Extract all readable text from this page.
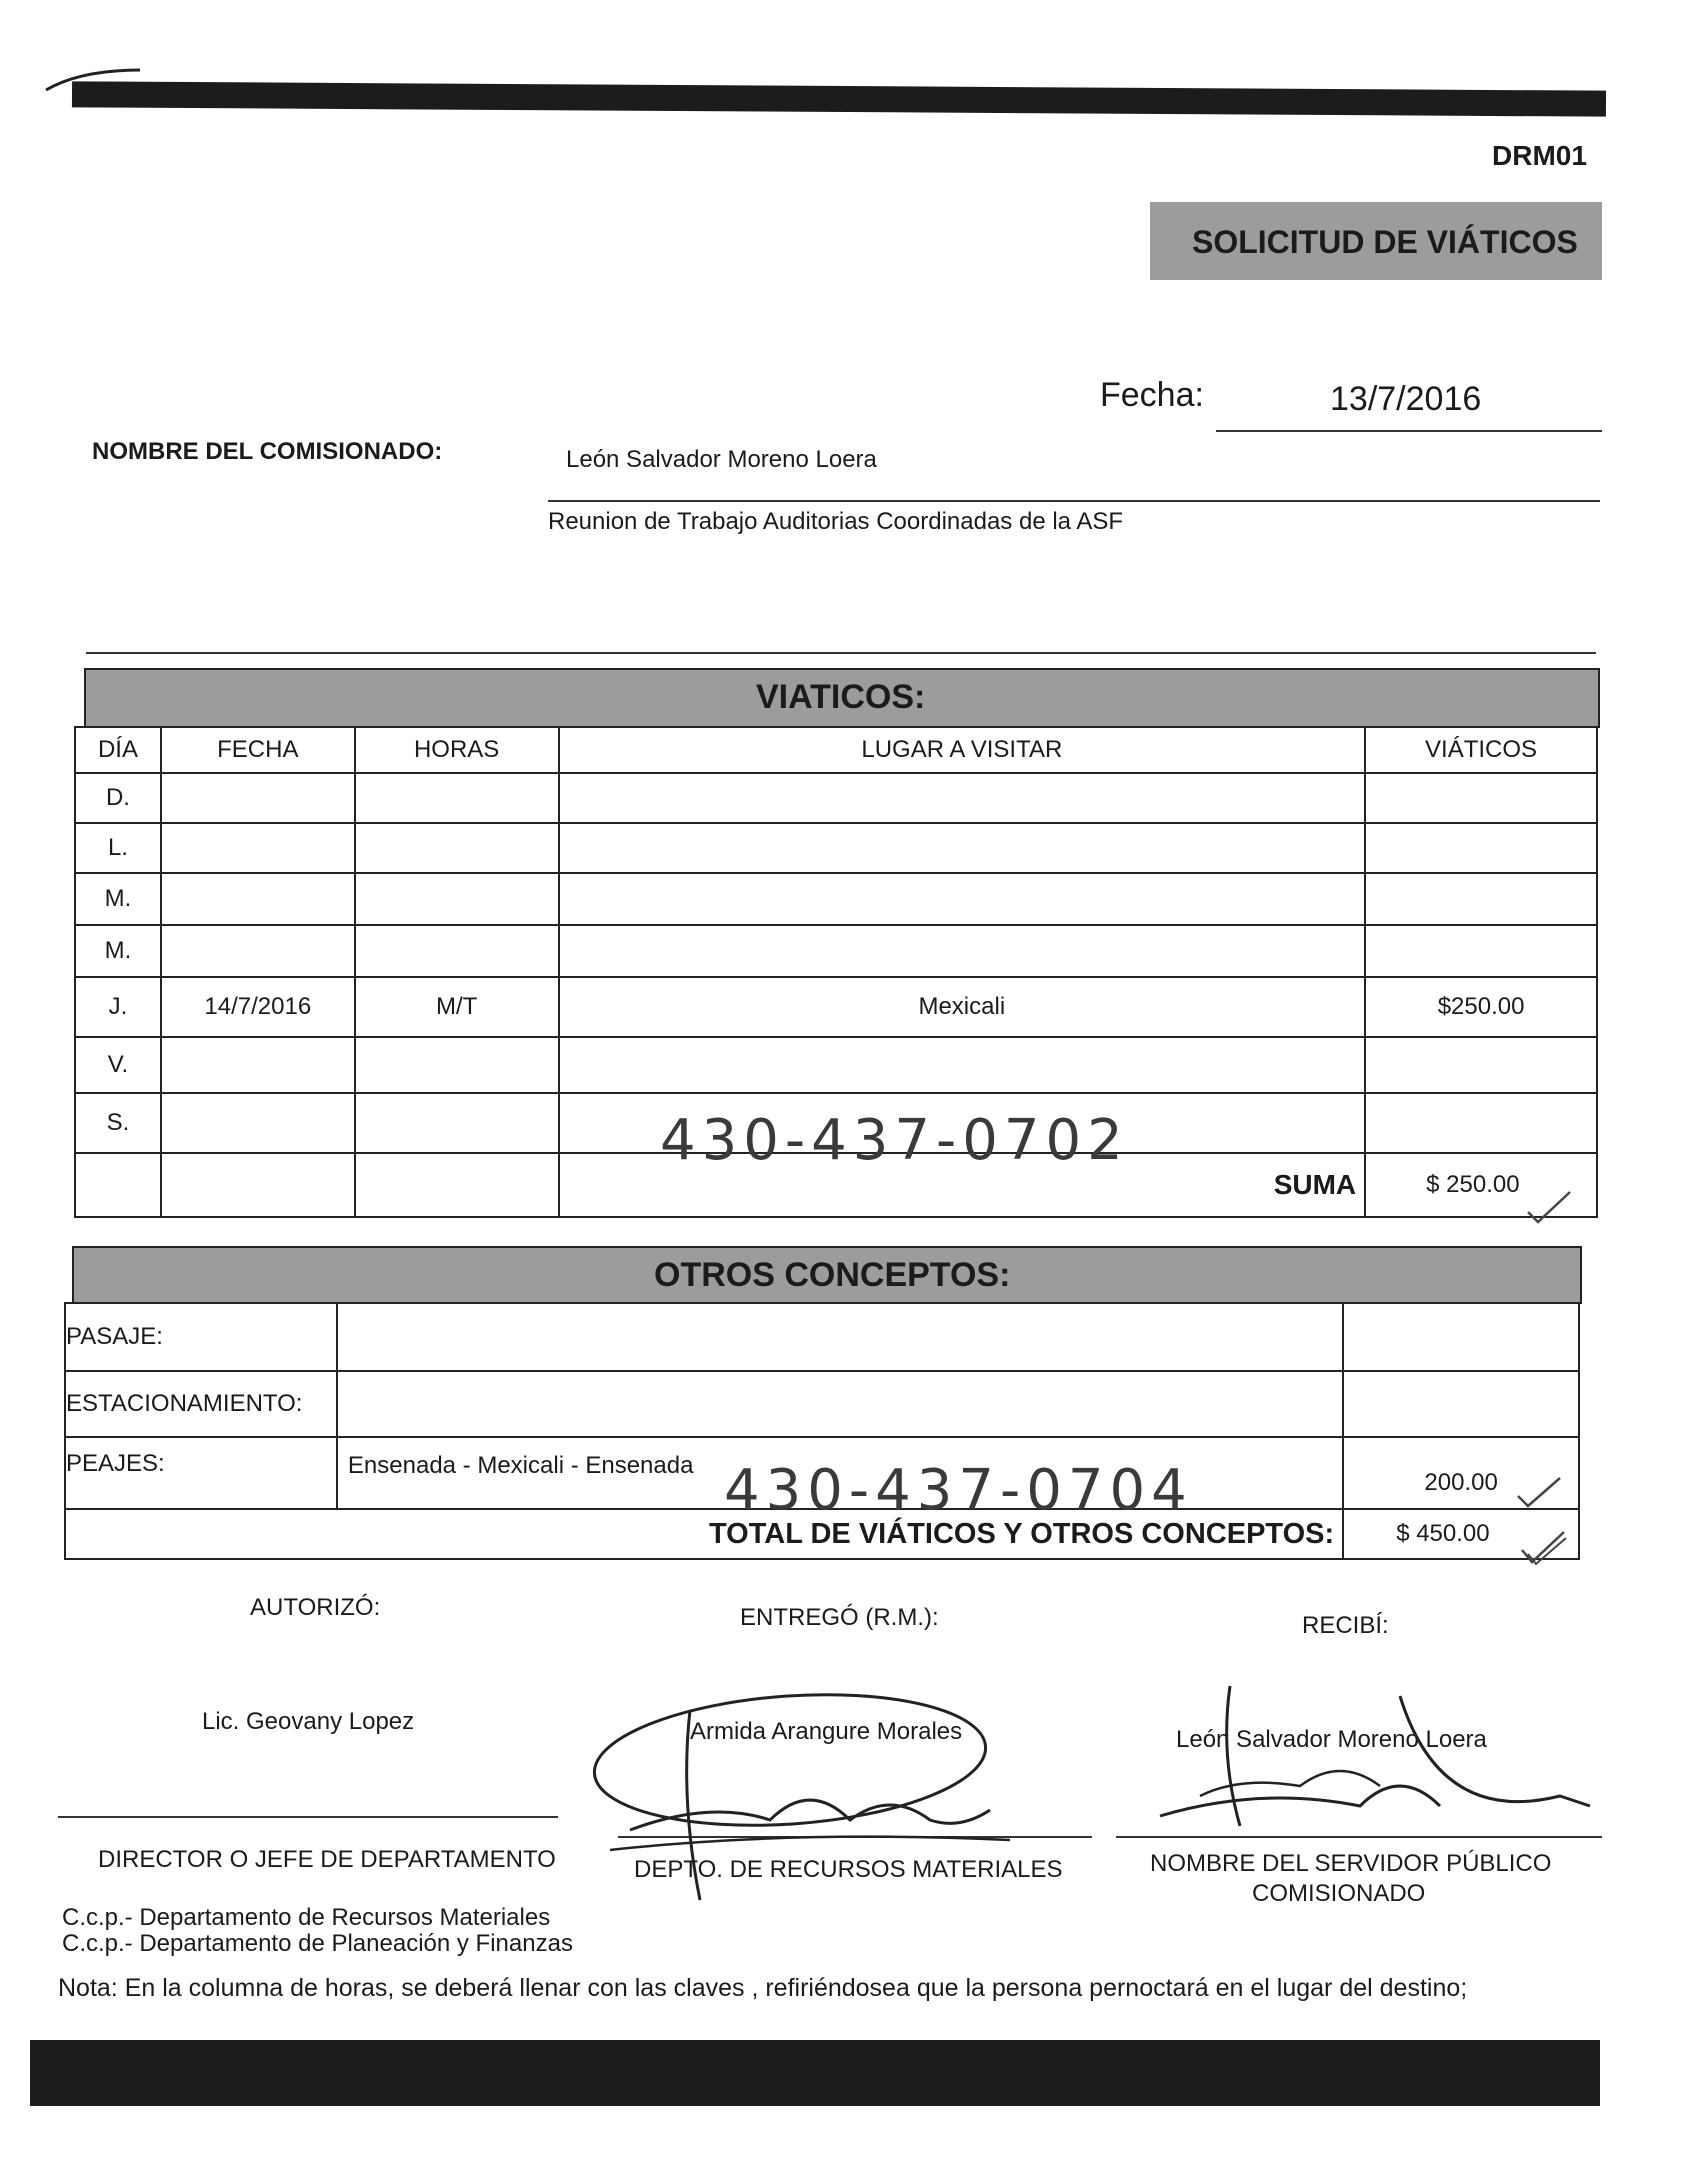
DRM01
SOLICITUD DE VIÁTICOS
Fecha:	13/7/2016
NOMBRE DEL COMISIONADO:	León Salvador Moreno Loera
Reunion de Trabajo Auditorias Coordinadas de la ASF
VIATICOS:
DÍA	FECHA	HORAS	LUGAR A VISITAR	VIÁTICOS
D.				
L.				
M.				
M.				
J.	14/7/2016	M/T	Mexicali	$250.00
V.				
S.				
			SUMA	$ 250.00
430-437-0702
OTROS CONCEPTOS:
PASAJE:		
ESTACIONAMIENTO:		
PEAJES:	Ensenada - Mexicali - Ensenada	200.00
TOTAL DE VIÁTICOS Y OTROS CONCEPTOS:		$ 450.00
430-437-0704
AUTORIZÓ:	ENTREGÓ (R.M.):	RECIBÍ:
Lic. Geovany Lopez	Armida Arangure Morales	León Salvador Moreno Loera
DIRECTOR O JEFE DE DEPARTAMENTO	DEPTO. DE RECURSOS MATERIALES	NOMBRE DEL SERVIDOR PÚBLICO
COMISIONADO
C.c.p.- Departamento de Recursos Materiales
C.c.p.- Departamento de Planeación y Finanzas
Nota: En la columna de horas, se deberá llenar con las claves , refiriéndosea que la persona pernoctará en el lugar del destino;
